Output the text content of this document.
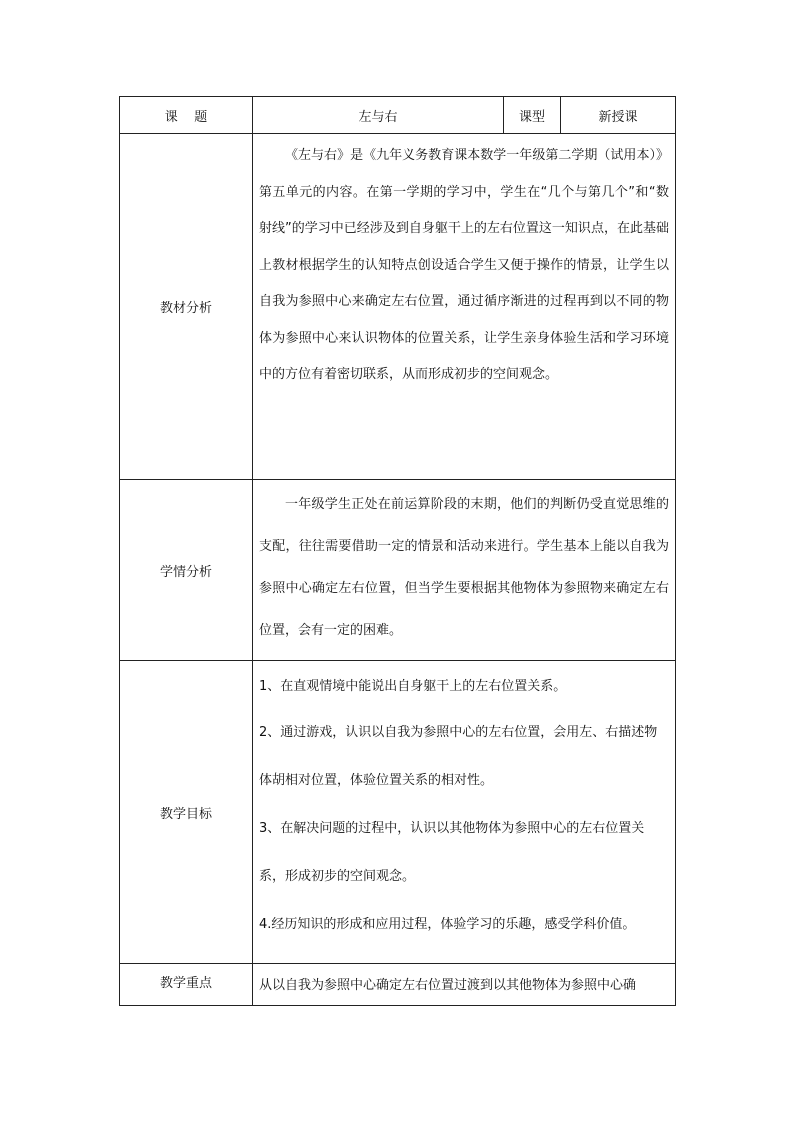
课    题	左与右	课型	新授课
教材分析	《左与右》是《九年义务教育课本数学一年级第二学期（试用本）》第五单元的内容。在第一学期的学习中，学生在“几个与第几个”和“数射线”的学习中已经涉及到自身躯干上的左右位置这一知识点，在此基础上教材根据学生的认知特点创设适合学生又便于操作的情景，让学生以自我为参照中心来确定左右位置，通过循序渐进的过程再到以不同的物体为参照中心来认识物体的位置关系，让学生亲身体验生活和学习环境中的方位有着密切联系，从而形成初步的空间观念。		

学情分析	一年级学生正处在前运算阶段的末期，他们的判断仍受直觉思维的支配，往往需要借助一定的情景和活动来进行。学生基本上能以自我为参照中心确定左右位置，但当学生要根据其他物体为参照物来确定左右位置，会有一定的困难。		

教学目标	1、在直观情境中能说出自身躯干上的左右位置关系。

2、通过游戏，认识以自我为参照中心的左右位置，会用左、右描述物体胡相对位置，体验位置关系的相对性。

3、在解决问题的过程中，认识以其他物体为参照中心的左右位置关系，形成初步的空间观念。

4.经历知识的形成和应用过程，体验学习的乐趣，感受学科价值。		

教学重点	从以自我为参照中心确定左右位置过渡到以其他物体为参照中心确		
